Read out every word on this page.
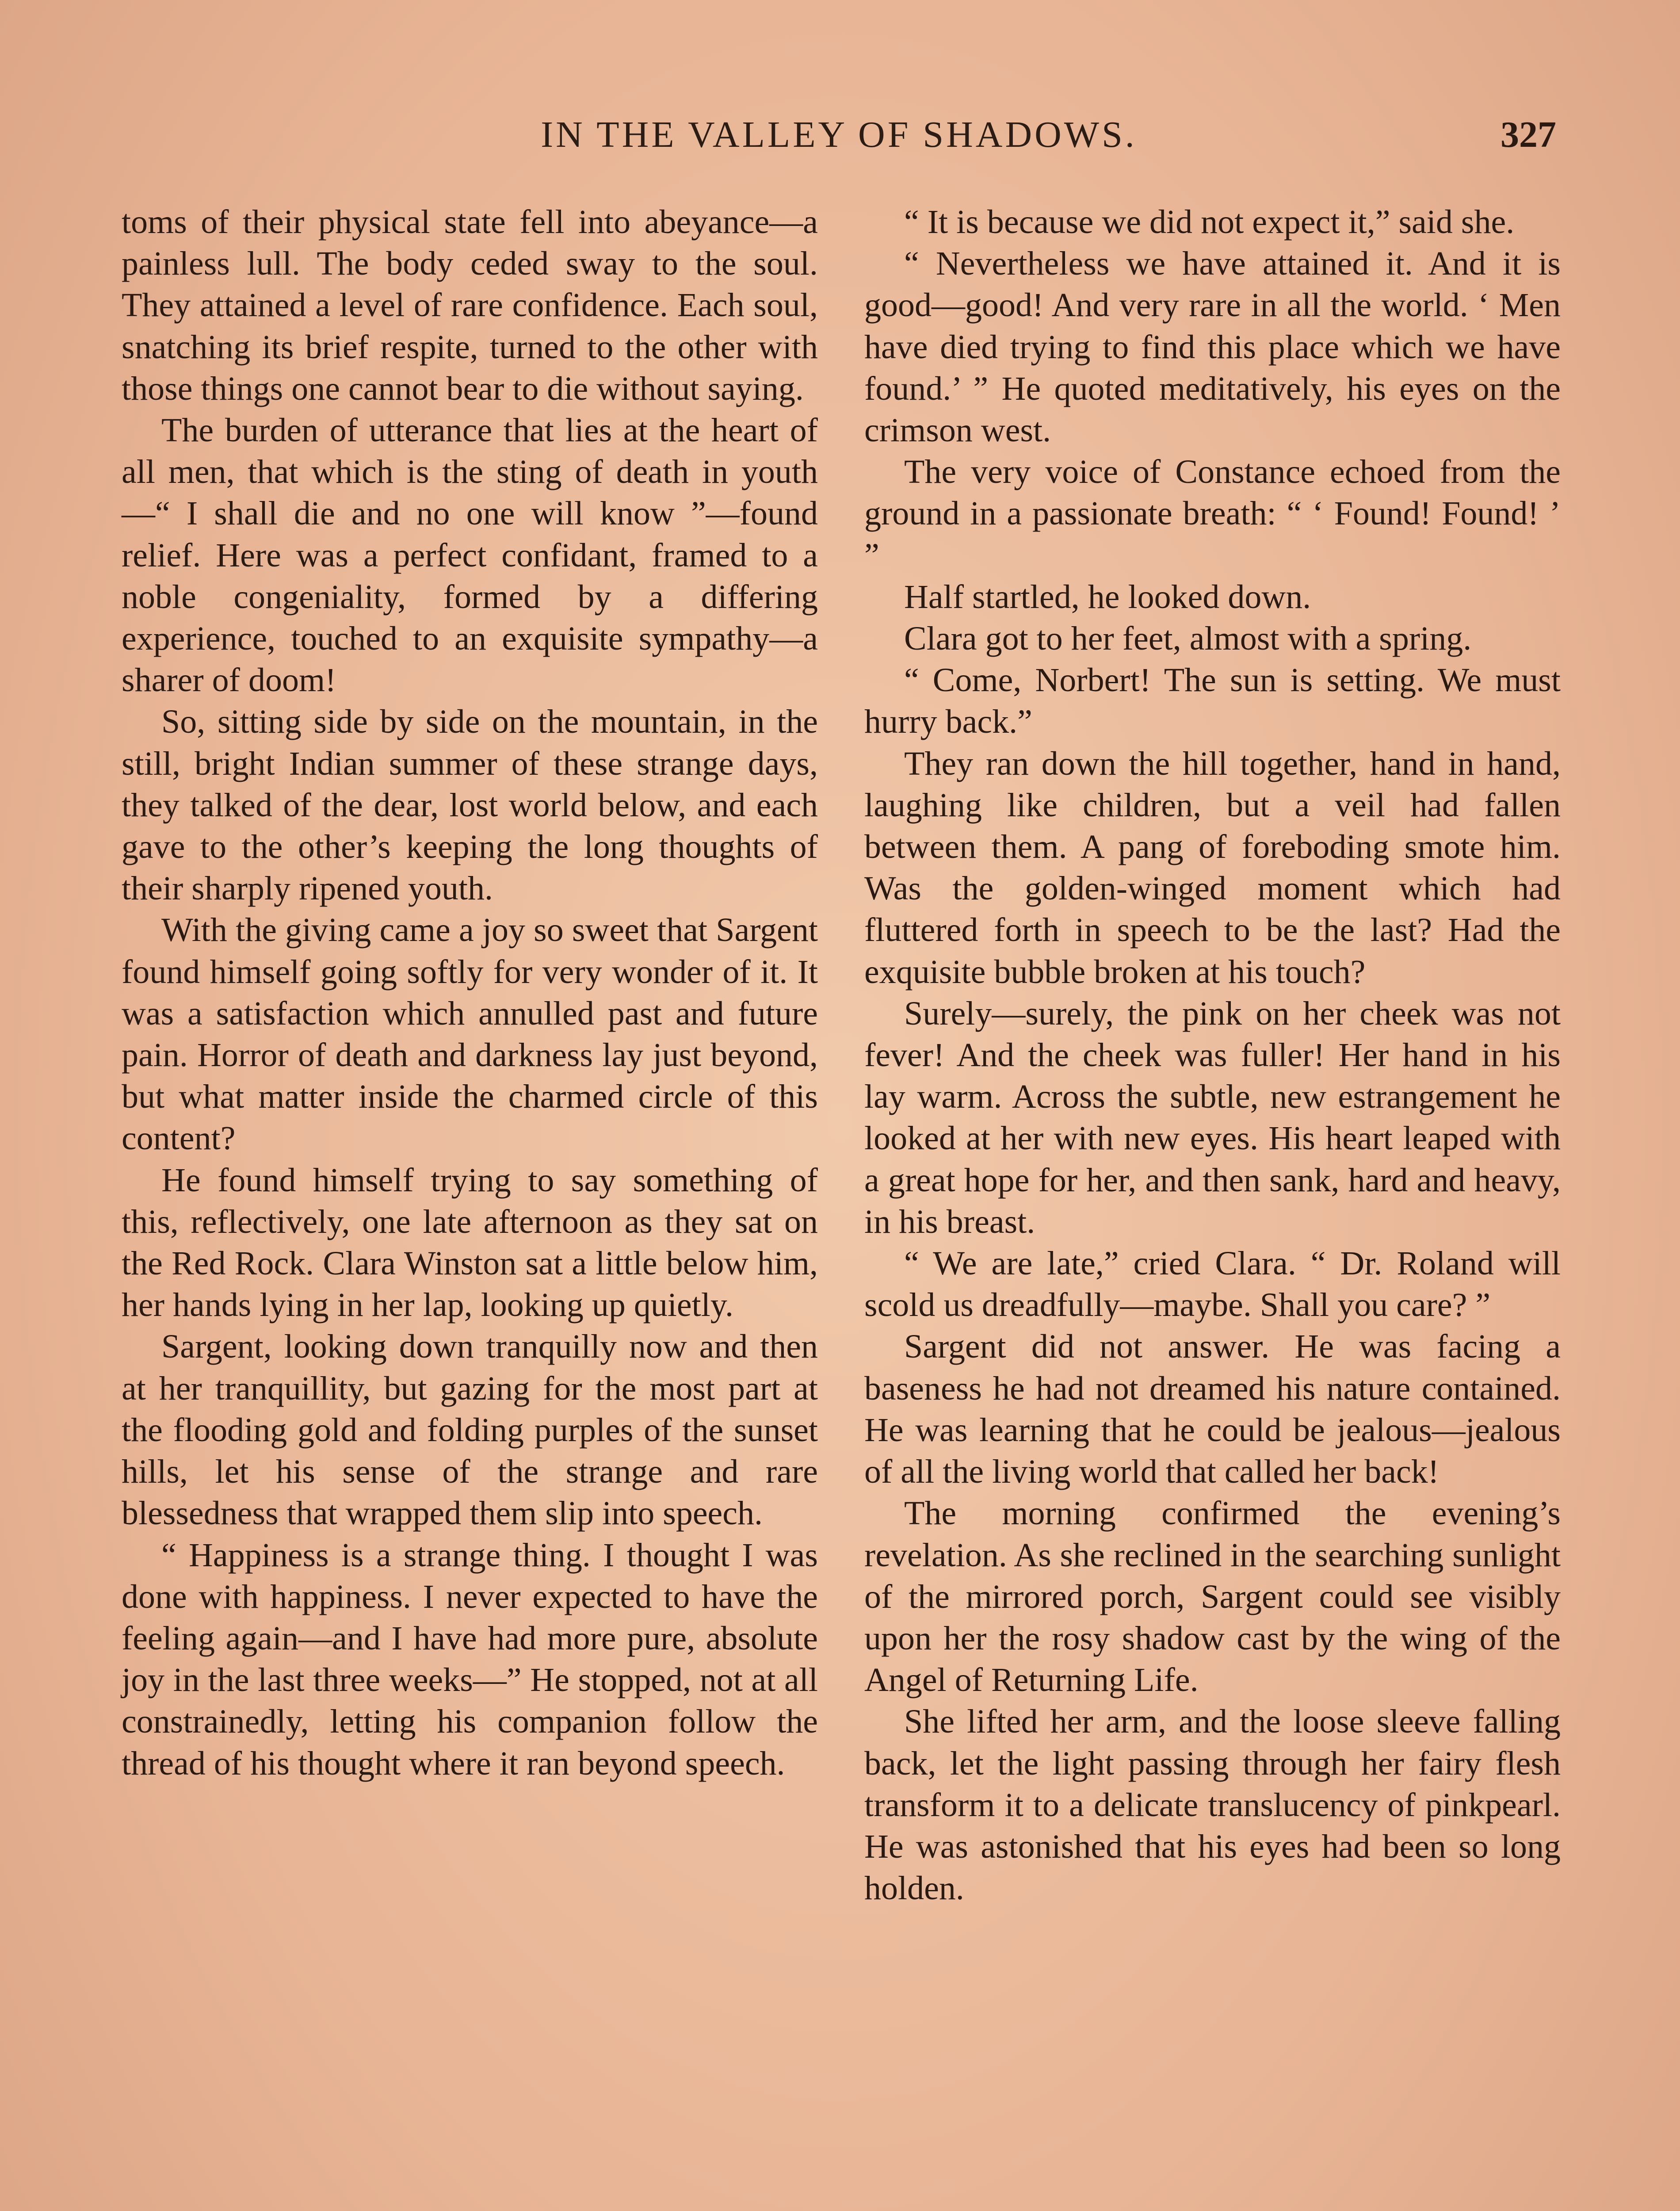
IN THE VALLEY OF SHADOWS.	327

toms of their physical state fell into abeyance—a painless lull. The body ceded sway to the soul. They attained a level of rare confidence. Each soul, snatching its brief respite, turned to the other with those things one cannot bear to die without saying.

The burden of utterance that lies at the heart of all men, that which is the sting of death in youth—“ I shall die and no one will know ”—found relief. Here was a perfect confidant, framed to a noble congeniality, formed by a differing experience, touched to an exquisite sympathy—a sharer of doom!

So, sitting side by side on the mountain, in the still, bright Indian summer of these strange days, they talked of the dear, lost world below, and each gave to the other’s keeping the long thoughts of their sharply ripened youth.

With the giving came a joy so sweet that Sargent found himself going softly for very wonder of it. It was a satisfaction which annulled past and future pain. Horror of death and darkness lay just beyond, but what matter inside the charmed circle of this content?

He found himself trying to say something of this, reflectively, one late afternoon as they sat on the Red Rock. Clara Winston sat a little below him, her hands lying in her lap, looking up quietly.

Sargent, looking down tranquilly now and then at her tranquillity, but gazing for the most part at the flooding gold and folding purples of the sunset hills, let his sense of the strange and rare blessedness that wrapped them slip into speech.

“ Happiness is a strange thing. I thought I was done with happiness. I never expected to have the feeling again—and I have had more pure, absolute joy in the last three weeks—” He stopped, not at all constrainedly, letting his companion follow the thread of his thought where it ran beyond speech.

“ It is because we did not expect it,” said she.

“ Nevertheless we have attained it. And it is good—good! And very rare in all the world. ‘ Men have died trying to find this place which we have found.’ ” He quoted meditatively, his eyes on the crimson west.

The very voice of Constance echoed from the ground in a passionate breath: “ ‘ Found! Found! ’ ”

Half startled, he looked down.

Clara got to her feet, almost with a spring.

“ Come, Norbert! The sun is setting. We must hurry back.”

They ran down the hill together, hand in hand, laughing like children, but a veil had fallen between them. A pang of foreboding smote him. Was the golden-winged moment which had fluttered forth in speech to be the last? Had the exquisite bubble broken at his touch?

Surely—surely, the pink on her cheek was not fever! And the cheek was fuller! Her hand in his lay warm. Across the subtle, new estrangement he looked at her with new eyes. His heart leaped with a great hope for her, and then sank, hard and heavy, in his breast.

“ We are late,” cried Clara. “ Dr. Roland will scold us dreadfully—maybe. Shall you care? ”

Sargent did not answer. He was facing a baseness he had not dreamed his nature contained. He was learning that he could be jealous—jealous of all the living world that called her back!

The morning confirmed the evening’s revelation. As she reclined in the searching sunlight of the mirrored porch, Sargent could see visibly upon her the rosy shadow cast by the wing of the Angel of Returning Life.

She lifted her arm, and the loose sleeve falling back, let the light passing through her fairy flesh transform it to a delicate translucency of pinkpearl. He was astonished that his eyes had been so long holden.
